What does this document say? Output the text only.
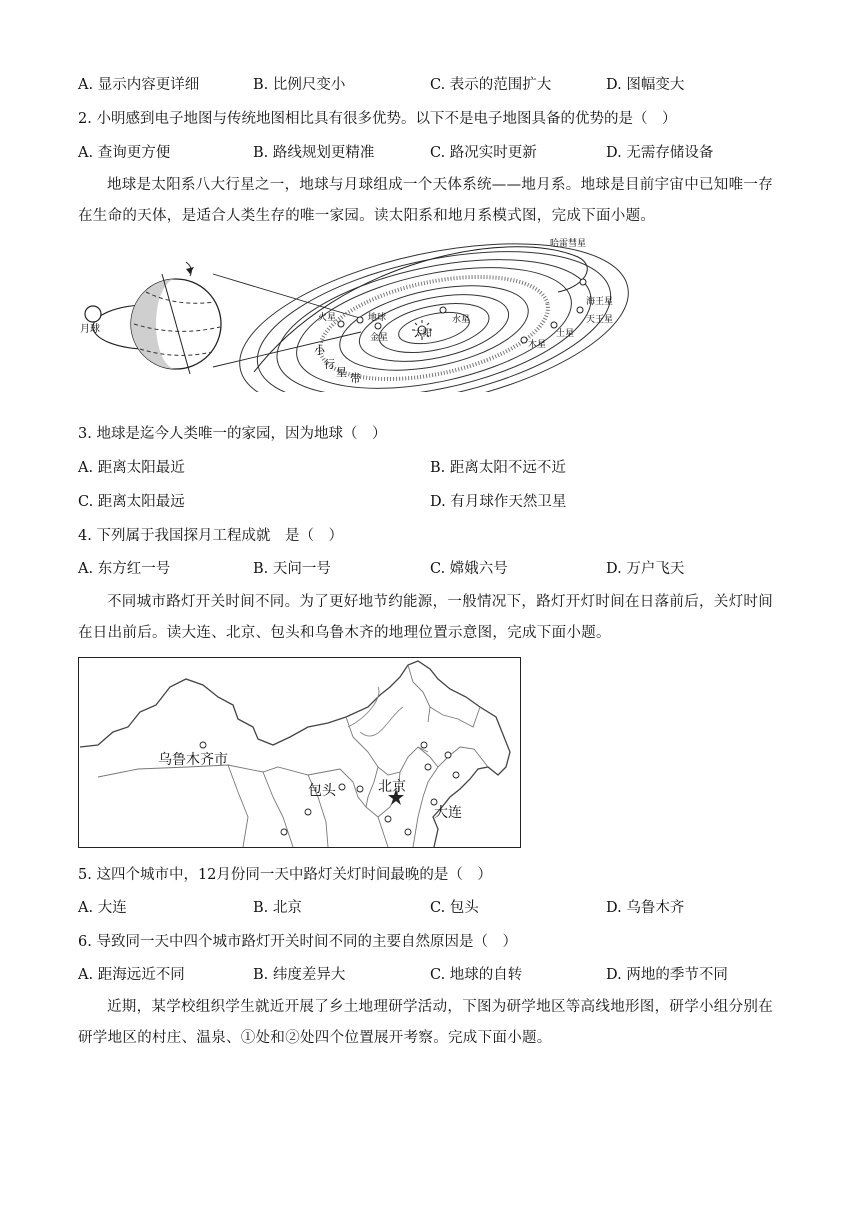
A. 显示内容更详细	B. 比例尺变小	C. 表示的范围扩大	D. 图幅变大
2. 小明感到电子地图与传统地图相比具有很多优势。以下不是电子地图具备的优势的是（　）
A. 查询更方便	B. 路线规划更精准	C. 路况实时更新	D. 无需存储设备
地球是太阳系八大行星之一，地球与月球组成一个天体系统——地月系。地球是目前宇宙中已知唯一存在生命的天体，是适合人类生存的唯一家园。读太阳系和地月系模式图，完成下面小题。
月球	太阳
水星
金星
地球
火星
木星
土星
天王星
海王星
哈雷彗星
小
行
星 带
3. 地球是迄今人类唯一的家园，因为地球（　）
A. 距离太阳最近	B. 距离太阳不远不近
C. 距离太阳最远	D. 有月球作天然卫星
4. 下列属于我国探月工程成就　是（　）
A. 东方红一号	B. 天问一号	C. 嫦娥六号	D. 万户飞天
不同城市路灯开关时间不同。为了更好地节约能源，一般情况下，路灯开灯时间在日落前后，关灯时间在日出前后。读大连、北京、包头和乌鲁木齐的地理位置示意图，完成下面小题。
乌鲁木齐市
包头	北京
大连
5. 这四个城市中，12月份同一天中路灯关灯时间最晚的是（　）
A. 大连	B. 北京	C. 包头	D. 乌鲁木齐
6. 导致同一天中四个城市路灯开关时间不同的主要自然原因是（　）
A. 距海远近不同	B. 纬度差异大	C. 地球的自转	D. 两地的季节不同
近期，某学校组织学生就近开展了乡土地理研学活动，下图为研学地区等高线地形图，研学小组分别在研学地区的村庄、温泉、①处和②处四个位置展开考察。完成下面小题。
